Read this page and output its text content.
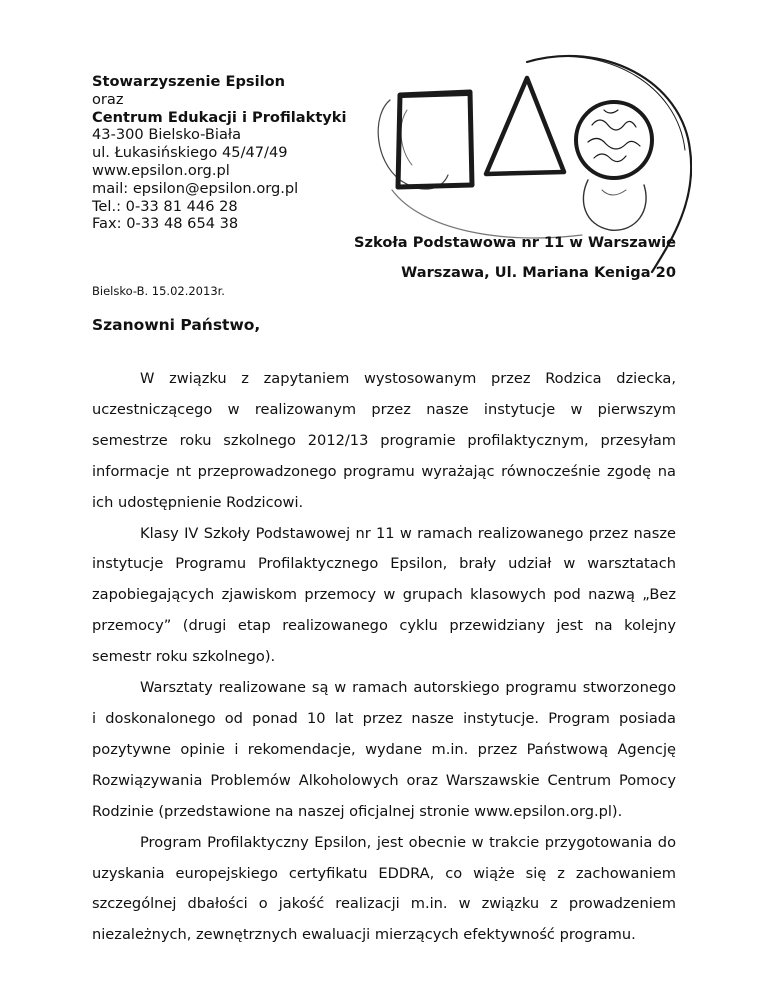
Stowarzyszenie Epsilon
oraz
Centrum Edukacji i Profilaktyki
43-300 Bielsko-Biała
ul. Łukasińskiego 45/47/49
www.epsilon.org.pl
mail: epsilon@epsilon.org.pl
Tel.: 0-33 81 446 28
Fax: 0-33 48 654 38
Szkoła Podstawowa nr 11 w Warszawie
Warszawa, Ul. Mariana Keniga 20
Bielsko-B. 15.02.2013r.
Szanowni Państwo,

W związku z zapytaniem wystosowanym przez Rodzica dziecka, uczestniczącego w realizowanym przez nasze instytucje w pierwszym semestrze roku szkolnego 2012/13 programie profilaktycznym, przesyłam informacje nt przeprowadzonego programu wyrażając równocześnie zgodę na ich udostępnienie Rodzicowi.

Klasy IV Szkoły Podstawowej nr 11 w ramach realizowanego przez nasze instytucje Programu Profilaktycznego Epsilon, brały udział w warsztatach zapobiegających zjawiskom przemocy w grupach klasowych pod nazwą „Bez przemocy” (drugi etap realizowanego cyklu przewidziany jest na kolejny semestr roku szkolnego).

Warsztaty realizowane są w ramach autorskiego programu stworzonego i doskonalonego od ponad 10 lat przez nasze instytucje. Program posiada pozytywne opinie i rekomendacje, wydane m.in. przez Państwową Agencję Rozwiązywania Problemów Alkoholowych oraz Warszawskie Centrum Pomocy Rodzinie (przedstawione na naszej oficjalnej stronie www.epsilon.org.pl).

Program Profilaktyczny Epsilon, jest obecnie w trakcie przygotowania do uzyskania europejskiego certyfikatu EDDRA, co wiąże się z zachowaniem szczególnej dbałości o jakość realizacji m.in. w związku z prowadzeniem niezależnych, zewnętrznych ewaluacji mierzących efektywność programu.
